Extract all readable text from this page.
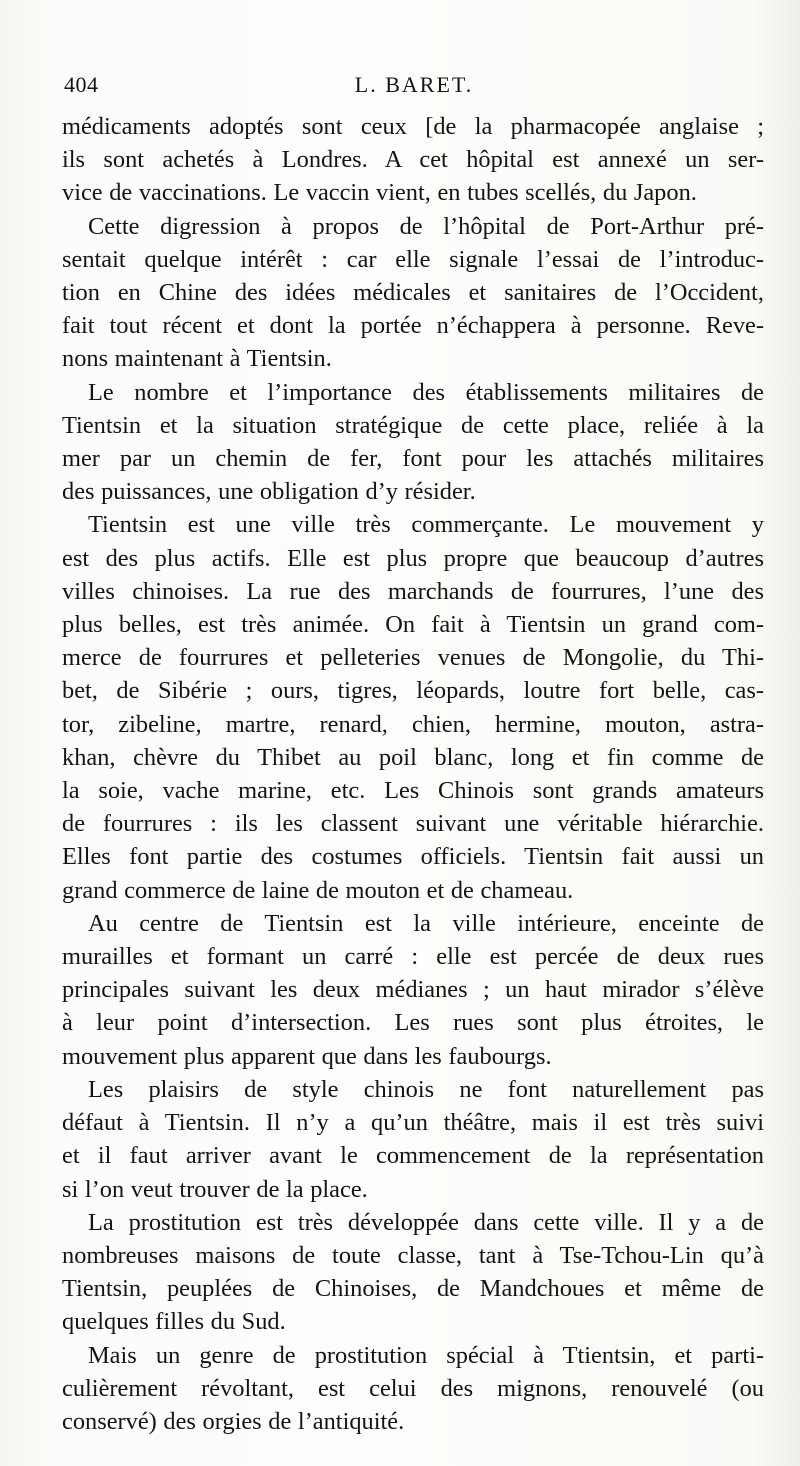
404	L. BARET.
médicaments adoptés sont ceux [de la pharmacopée anglaise ;
ils sont achetés à Londres. A cet hôpital est annexé un ser-
vice de vaccinations. Le vaccin vient, en tubes scellés, du Japon.
Cette digression à propos de l’hôpital de Port-Arthur pré-
sentait quelque intérêt : car elle signale l’essai de l’introduc-
tion en Chine des idées médicales et sanitaires de l’Occident,
fait tout récent et dont la portée n’échappera à personne. Reve-
nons maintenant à Tientsin.
Le nombre et l’importance des établissements militaires de
Tientsin et la situation stratégique de cette place, reliée à la
mer par un chemin de fer, font pour les attachés militaires
des puissances, une obligation d’y résider.
Tientsin est une ville très commerçante. Le mouvement y
est des plus actifs. Elle est plus propre que beaucoup d’autres
villes chinoises. La rue des marchands de fourrures, l’une des
plus belles, est très animée. On fait à Tientsin un grand com-
merce de fourrures et pelleteries venues de Mongolie, du Thi-
bet, de Sibérie ; ours, tigres, léopards, loutre fort belle, cas-
tor, zibeline, martre, renard, chien, hermine, mouton, astra-
khan, chèvre du Thibet au poil blanc, long et fin comme de
la soie, vache marine, etc. Les Chinois sont grands amateurs
de fourrures : ils les classent suivant une véritable hiérarchie.
Elles font partie des costumes officiels. Tientsin fait aussi un
grand commerce de laine de mouton et de chameau.
Au centre de Tientsin est la ville intérieure, enceinte de
murailles et formant un carré : elle est percée de deux rues
principales suivant les deux médianes ; un haut mirador s’élève
à leur point d’intersection. Les rues sont plus étroites, le
mouvement plus apparent que dans les faubourgs.
Les plaisirs de style chinois ne font naturellement pas
défaut à Tientsin. Il n’y a qu’un théâtre, mais il est très suivi
et il faut arriver avant le commencement de la représentation
si l’on veut trouver de la place.
La prostitution est très développée dans cette ville. Il y a de
nombreuses maisons de toute classe, tant à Tse-Tchou-Lin qu’à
Tientsin, peuplées de Chinoises, de Mandchoues et même de
quelques filles du Sud.
Mais un genre de prostitution spécial à Ttientsin, et parti-
culièrement révoltant, est celui des mignons, renouvelé (ou
conservé) des orgies de l’antiquité.
